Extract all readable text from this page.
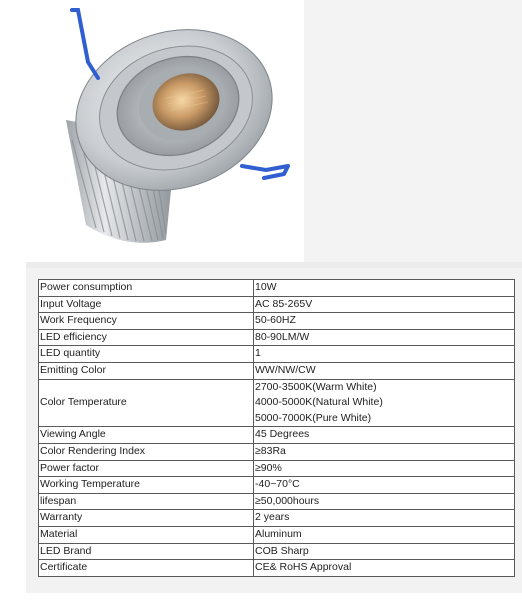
Power consumption	10W
Input Voltage	AC 85-265V
Work Frequency	50-60HZ
LED efficiency	80-90LM/W
LED quantity	1
Emitting Color	WW/NW/CW
Color Temperature	2700-3500K(Warm White)
4000-5000K(Natural White)
5000-7000K(Pure White)

Viewing Angle	45 Degrees
Color Rendering Index	≥83Ra
Power factor	≥90%
Working Temperature	-40~70°C
lifespan	≥50,000hours
Warranty	2 years
Material	Aluminum
LED Brand	COB Sharp
Certificate	CE& RoHS Approval
